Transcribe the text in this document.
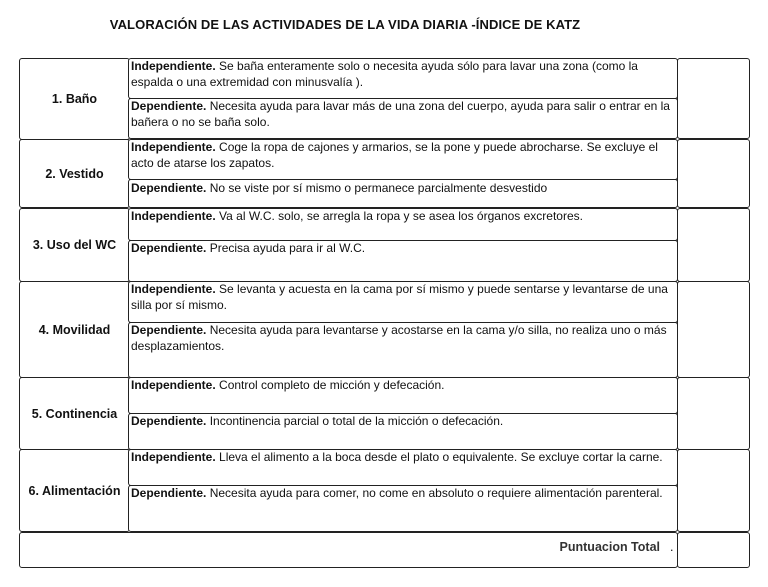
VALORACIÓN DE LAS ACTIVIDADES DE LA VIDA DIARIA -ÍNDICE DE KATZ
1. Baño
Independiente. Se baña enteramente solo o necesita ayuda sólo para lavar una zona (como la espalda o una extremidad con minusvalía ).
Dependiente. Necesita ayuda para lavar más de una zona del cuerpo, ayuda para salir o entrar en la bañera o no se baña solo.
2. Vestido
Independiente. Coge la ropa de cajones y armarios, se la pone y puede abrocharse. Se excluye el acto de atarse los zapatos.
Dependiente. No se viste por sí mismo o permanece parcialmente desvestido
3. Uso del WC
Independiente. Va al W.C. solo, se arregla la ropa y se asea los órganos excretores.
Dependiente. Precisa ayuda para ir al W.C.
4. Movilidad
Independiente. Se levanta y acuesta en la cama por sí mismo y puede sentarse y levantarse de una silla por sí mismo.
Dependiente. Necesita ayuda para levantarse y acostarse en la cama y/o silla, no realiza uno o más desplazamientos.
5. Continencia
Independiente. Control completo de micción y defecación.
Dependiente. Incontinencia parcial o total de la micción o defecación.
6. Alimentación
Independiente. Lleva el alimento a la boca desde el plato o equivalente. Se excluye cortar la carne.
Dependiente. Necesita ayuda para comer, no come en absoluto o requiere alimentación parenteral.
Puntuacion Total .
